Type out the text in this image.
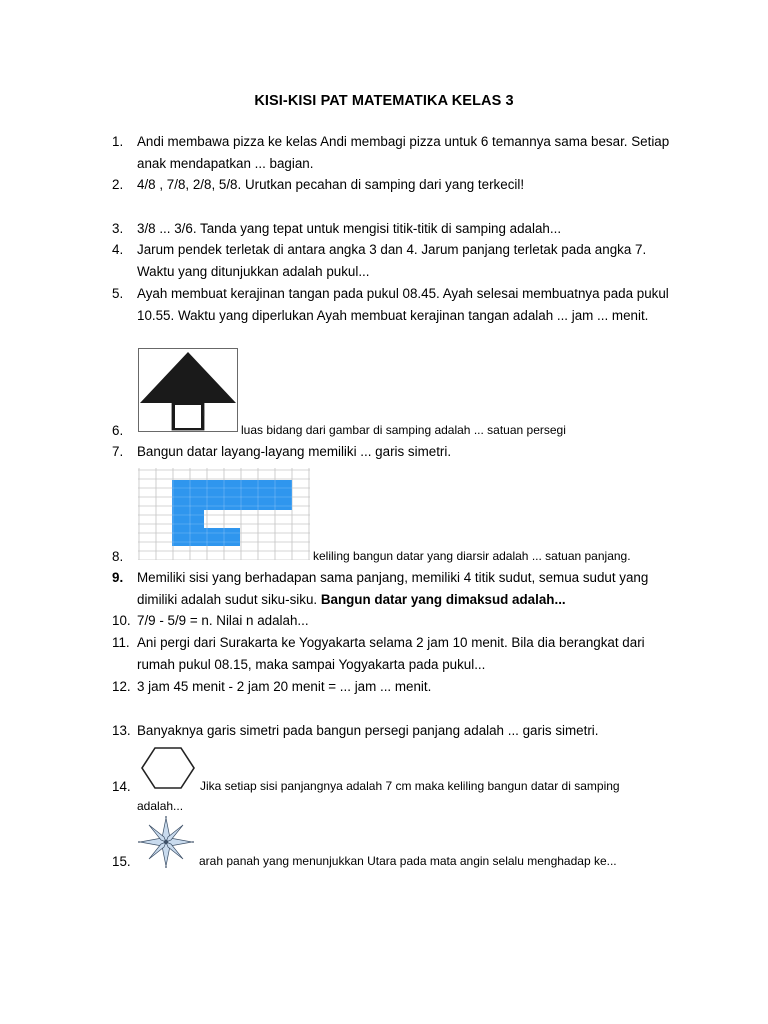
KISI-KISI PAT MATEMATIKA KELAS 3
1. Andi membawa pizza ke kelas Andi membagi pizza untuk 6 temannya sama besar. Setiap anak mendapatkan ... bagian.
2. 4/8 , 7/8, 2/8, 5/8. Urutkan pecahan di samping dari yang terkecil!
3. 3/8 ... 3/6. Tanda yang tepat untuk mengisi titik-titik di samping adalah...
4. Jarum pendek terletak di antara angka 3 dan 4. Jarum panjang terletak pada angka 7. Waktu yang ditunjukkan adalah pukul...
5. Ayah membuat kerajinan tangan pada pukul 08.45. Ayah selesai membuatnya pada pukul 10.55. Waktu yang diperlukan Ayah membuat kerajinan tangan adalah ... jam ... menit.
6.	luas bidang dari gambar di samping adalah ... satuan persegi
7. Bangun datar layang-layang memiliki ... garis simetri.
8.	keliling bangun datar yang diarsir adalah ... satuan panjang.
9. Memiliki sisi yang berhadapan sama panjang, memiliki 4 titik sudut, semua sudut yang dimiliki adalah sudut siku-siku. Bangun datar yang dimaksud adalah...
10. 7/9 - 5/9 = n. Nilai n adalah...
11. Ani pergi dari Surakarta ke Yogyakarta selama 2 jam 10 menit. Bila dia berangkat dari rumah pukul 08.15, maka sampai Yogyakarta pada pukul...
12. 3 jam 45 menit - 2 jam 20 menit = ... jam ... menit.
13. Banyaknya garis simetri pada bangun persegi panjang adalah ... garis simetri.
14.	Jika setiap sisi panjangnya adalah 7 cm maka keliling bangun datar di samping
adalah...
15.	arah panah yang menunjukkan Utara pada mata angin selalu menghadap ke...
